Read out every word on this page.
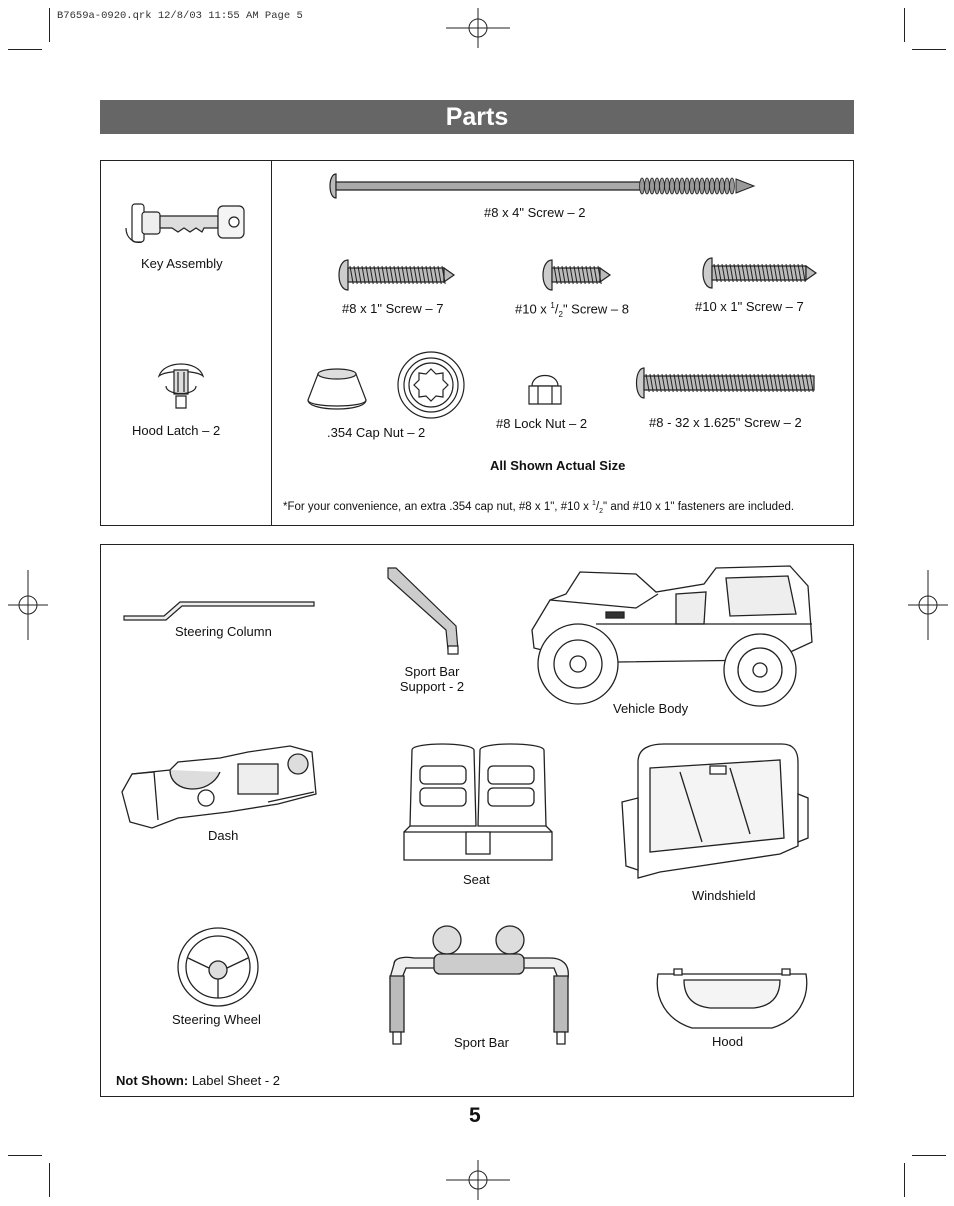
B7659a-0920.qrk 12/8/03 11:55 AM Page 5
Parts
Key Assembly
Hood Latch – 2
#8 x 4" Screw – 2
#8 x 1" Screw – 7	#10 x $^1/_2$" Screw – 8	#10 x 1" Screw – 7
.354 Cap Nut – 2
#8 Lock Nut – 2	#8 - 32 x 1.625" Screw – 2
All Shown Actual Size
*For your convenience, an extra .354 cap nut, #8 x 1", #10 x $^1/_2$" and #10 x 1" fasteners are included.
Steering Column
Sport Bar
Support - 2
Vehicle Body
Dash
Seat
Windshield
Steering Wheel
Sport Bar	Hood
Not Shown: Label Sheet - 2
5
